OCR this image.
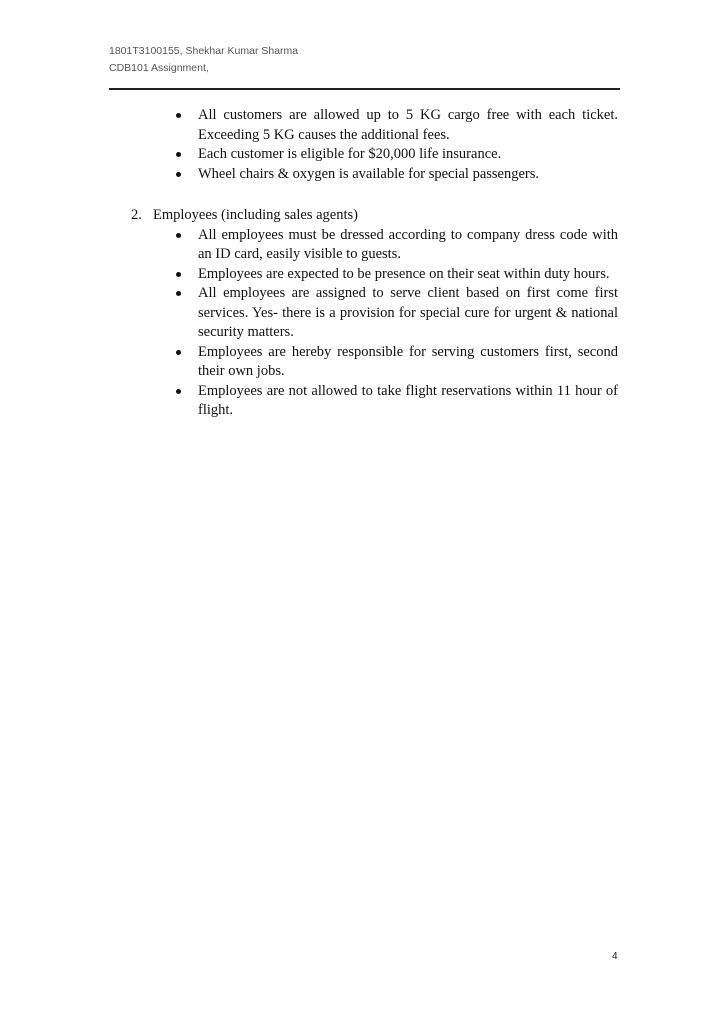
1801T3100155, Shekhar Kumar Sharma
CDB101 Assignment,
All customers are allowed up to 5 KG cargo free with each ticket. Exceeding 5 KG causes the additional fees.
Each customer is eligible for $20,000 life insurance.
Wheel chairs & oxygen is available for special passengers.
2. Employees (including sales agents)
All employees must be dressed according to company dress code with an ID card, easily visible to guests.
Employees are expected to be presence on their seat within duty hours.
All employees are assigned to serve client based on first come first services. Yes- there is a provision for special cure for urgent & national security matters.
Employees are hereby responsible for serving customers first, second their own jobs.
Employees are not allowed to take flight reservations within 11 hour of flight.
4
